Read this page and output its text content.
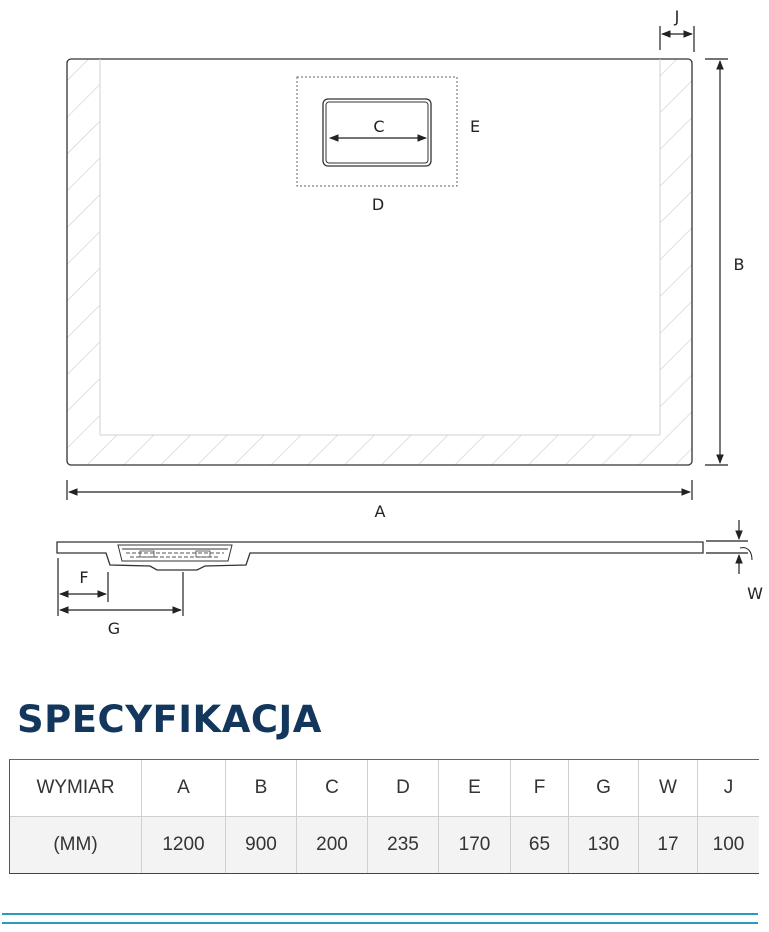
A
B
C
D
E
F
G
J
W
SPECYFIKACJA
WYMIAR	A	B	C	D	E	F	G	W	J
(MM)	1200	900	200	235	170	65	130	17	100
